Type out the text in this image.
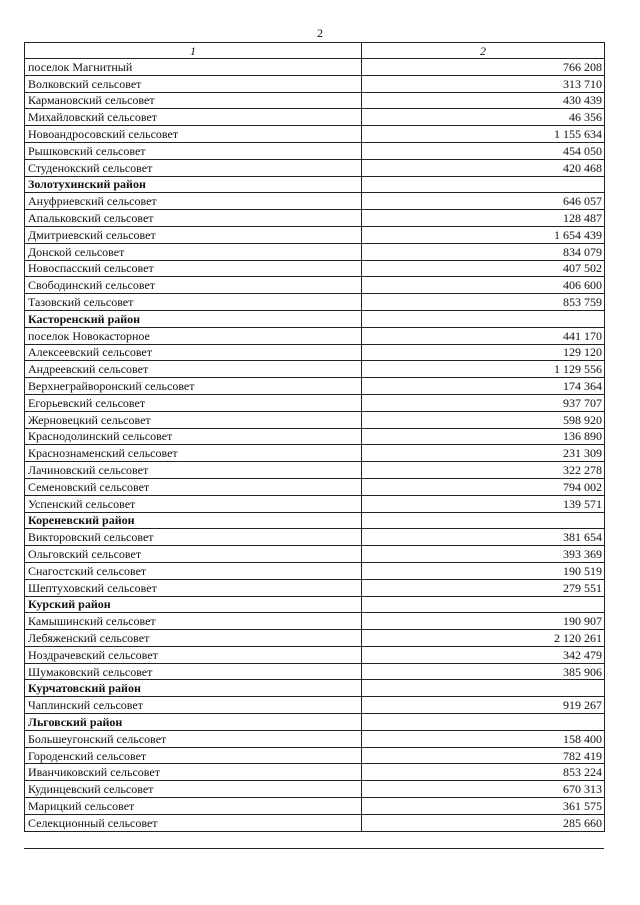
2
1	2
поселок Магнитный	766 208
Волковский сельсовет	313 710
Кармановский сельсовет	430 439
Михайловский сельсовет	46 356
Новоандросовский сельсовет	1 155 634
Рышковский сельсовет	454 050
Студенокский сельсовет	420 468
Золотухинский район	
Ануфриевский сельсовет	646 057
Апальковский сельсовет	128 487
Дмитриевский сельсовет	1 654 439
Донской сельсовет	834 079
Новоспасский сельсовет	407 502
Свободинский сельсовет	406 600
Тазовский сельсовет	853 759
Касторенский район	
поселок Новокасторное	441 170
Алексеевский сельсовет	129 120
Андреевский сельсовет	1 129 556
Верхнеграйворонский сельсовет	174 364
Егорьевский сельсовет	937 707
Жерновецкий сельсовет	598 920
Краснодолинский сельсовет	136 890
Краснознаменский сельсовет	231 309
Лачиновский сельсовет	322 278
Семеновский сельсовет	794 002
Успенский сельсовет	139 571
Кореневский район	
Викторовский сельсовет	381 654
Ольговский сельсовет	393 369
Снагостский сельсовет	190 519
Шептуховский сельсовет	279 551
Курский район	
Камышинский сельсовет	190 907
Лебяженский сельсовет	2 120 261
Ноздрачевский сельсовет	342 479
Шумаковский сельсовет	385 906
Курчатовский район	
Чаплинский сельсовет	919 267
Льговский район	
Большеугонский сельсовет	158 400
Городенский сельсовет	782 419
Иванчиковский сельсовет	853 224
Кудинцевский сельсовет	670 313
Марицкий сельсовет	361 575
Селекционный сельсовет	285 660
